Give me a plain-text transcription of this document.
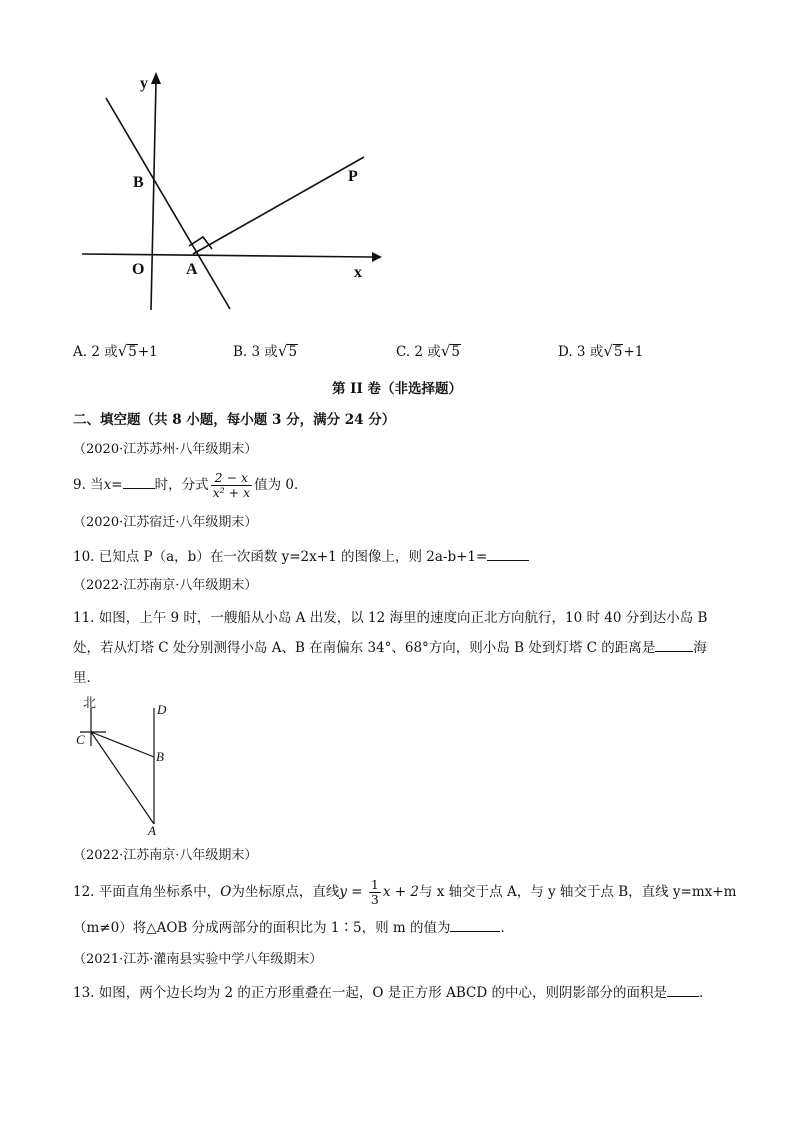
y
x
O	A
B	P
A. 2 或√5+1	B. 3 或√5	C. 2 或√5	D. 3 或√5+1
第 II 卷（非选择题）
二、填空题（共 8 小题，每小题 3 分，满分 24 分）
（2020·江苏苏州·八年级期末）
9. 当x= 时，分式 $\frac{2 - x}{\text{x² + x}}$ 值为 0．
（2020·江苏宿迁·八年级期末）
10. 已知点 P（a，b）在一次函数 y=2x+1 的图像上，则 2a-b+1=
（2022·江苏南京·八年级期末）
11. 如图，上午 9 时，一艘船从小岛 A 出发，以 12 海里的速度向正北方向航行，10 时 40 分到达小岛 B
处，若从灯塔 C 处分别测得小岛 A、B 在南偏东 34°、68°方向，则小岛 B 处到灯塔 C 的距离是	海
里．
北
C
D
B
A
（2022·江苏南京·八年级期末）
12. 平面直角坐标系中，O为坐标原点，直线$y = \frac{1}{3}$ x + 2与 x 轴交于点 A，与 y 轴交于点 B，直线 y=mx+m
（m≠0）将△AOB 分成两部分的面积比为 1∶5，则 m 的值为	．
（2021·江苏·灌南县实验中学八年级期末）
13. 如图，两个边长均为 2 的正方形重叠在一起，O 是正方形 ABCD 的中心，则阴影部分的面积是 ．
